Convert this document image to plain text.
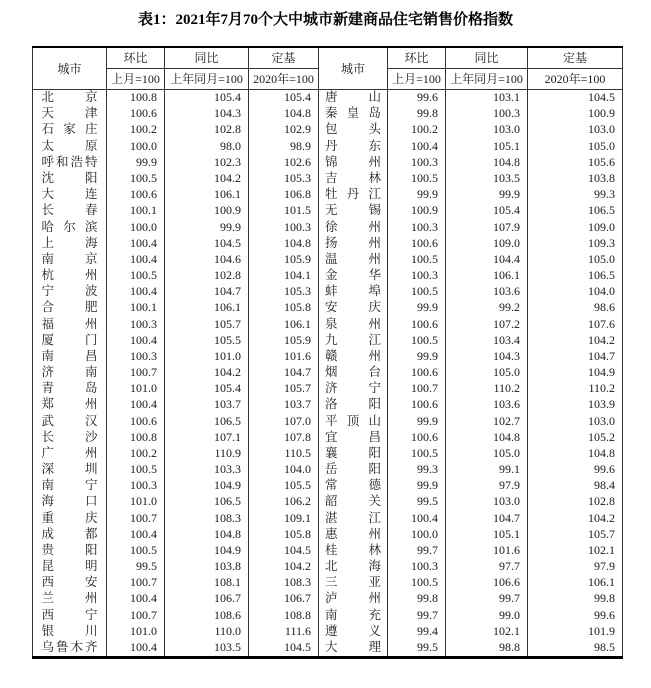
表1：2021年7月70个大中城市新建商品住宅销售价格指数
城市	环比	同比	定基	城市	环比	同比	定基
	上月=100	上年同月=100	2020年=100		上月=100	上年同月=100	2020年=100
北京	100.8	105.4	105.4	唐山	99.6	103.1	104.5
天津	100.6	104.3	104.8	秦皇岛	99.8	100.3	100.9
石家庄	100.2	102.8	102.9	包头	100.2	103.0	103.0
太原	100.0	98.0	98.9	丹东	100.4	105.1	105.0
呼和浩特	99.9	102.3	102.6	锦州	100.3	104.8	105.6
沈阳	100.5	104.2	105.3	吉林	100.5	103.5	103.8
大连	100.6	106.1	106.8	牡丹江	99.9	99.9	99.3
长春	100.1	100.9	101.5	无锡	100.9	105.4	106.5
哈尔滨	100.0	99.9	100.3	徐州	100.3	107.9	109.0
上海	100.4	104.5	104.8	扬州	100.6	109.0	109.3
南京	100.4	104.6	105.9	温州	100.5	104.4	105.0
杭州	100.5	102.8	104.1	金华	100.3	106.1	106.5
宁波	100.4	104.7	105.3	蚌埠	100.5	103.6	104.0
合肥	100.1	106.1	105.8	安庆	99.9	99.2	98.6
福州	100.3	105.7	106.1	泉州	100.6	107.2	107.6
厦门	100.4	105.5	105.9	九江	100.5	103.4	104.2
南昌	100.3	101.0	101.6	赣州	99.9	104.3	104.7
济南	100.7	104.2	104.7	烟台	100.6	105.0	104.9
青岛	101.0	105.4	105.7	济宁	100.7	110.2	110.2
郑州	100.4	103.7	103.7	洛阳	100.6	103.6	103.9
武汉	100.6	106.5	107.0	平顶山	99.9	102.7	103.0
长沙	100.8	107.1	107.8	宜昌	100.6	104.8	105.2
广州	100.2	110.9	110.5	襄阳	100.5	105.0	104.8
深圳	100.5	103.3	104.0	岳阳	99.3	99.1	99.6
南宁	100.3	104.9	105.5	常德	99.9	97.9	98.4
海口	101.0	106.5	106.2	韶关	99.5	103.0	102.8
重庆	100.7	108.3	109.1	湛江	100.4	104.7	104.2
成都	100.4	104.8	105.8	惠州	100.0	105.1	105.7
贵阳	100.5	104.9	104.5	桂林	99.7	101.6	102.1
昆明	99.5	103.8	104.2	北海	100.3	97.7	97.9
西安	100.7	108.1	108.3	三亚	100.5	106.6	106.1
兰州	100.4	106.7	106.7	泸州	99.8	99.7	99.8
西宁	100.7	108.6	108.8	南充	99.7	99.0	99.6
银川	101.0	110.0	111.6	遵义	99.4	102.1	101.9
乌鲁木齐	100.4	103.5	104.5	大理	99.5	98.8	98.5
